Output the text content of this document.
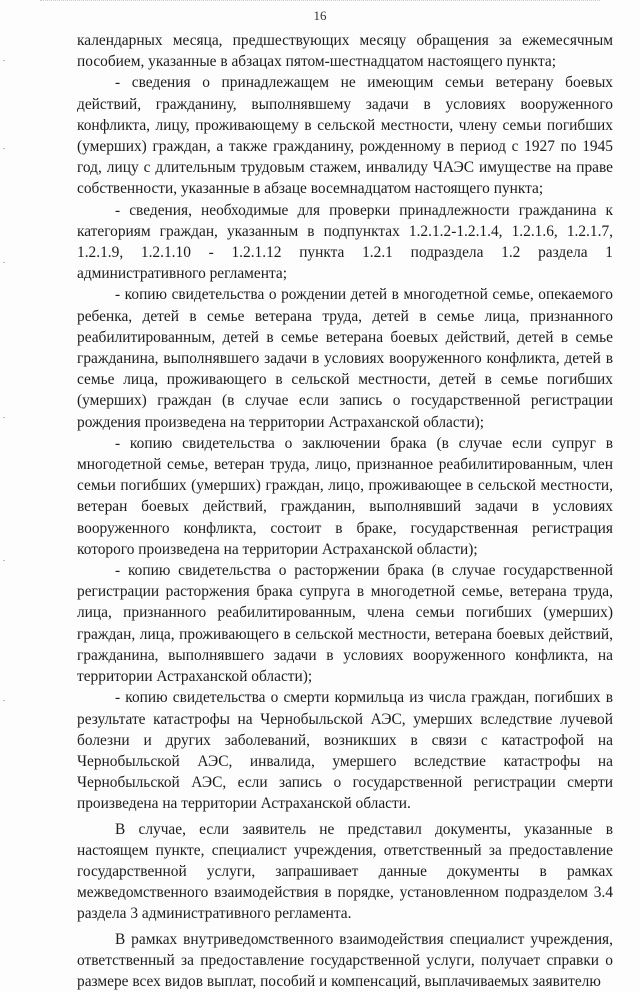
16

календарных месяца, предшествующих месяцу обращения за ежемесячным пособием, указанные в абзацах пятом-шестнадцатом настоящего пункта;

- сведения о принадлежащем не имеющим семьи ветерану боевых действий, гражданину, выполнявшему задачи в условиях вооруженного конфликта, лицу, проживающему в сельской местности, члену семьи погибших (умерших) граждан, а также гражданину, рожденному в период с 1927 по 1945 год, лицу с длительным трудовым стажем, инвалиду ЧАЭС имуществе на праве собственности, указанные в абзаце восемнадцатом настоящего пункта;

- сведения, необходимые для проверки принадлежности гражданина к категориям граждан, указанным в подпунктах 1.2.1.2-1.2.1.4, 1.2.1.6, 1.2.1.7, 1.2.1.9, 1.2.1.10 - 1.2.1.12 пункта 1.2.1 подраздела 1.2 раздела 1 административного регламента;

- копию свидетельства о рождении детей в многодетной семье, опекаемого ребенка, детей в семье ветерана труда, детей в семье лица, признанного реабилитированным, детей в семье ветерана боевых действий, детей в семье гражданина, выполнявшего задачи в условиях вооруженного конфликта, детей в семье лица, проживающего в сельской местности, детей в семье погибших (умерших) граждан (в случае если запись о государственной регистрации рождения произведена на территории Астраханской области);

- копию свидетельства о заключении брака (в случае если супруг в многодетной семье, ветеран труда, лицо, признанное реабилитированным, член семьи погибших (умерших) граждан, лицо, проживающее в сельской местности, ветеран боевых действий, гражданин, выполнявший задачи в условиях вооруженного конфликта, состоит в браке, государственная регистрация которого произведена на территории Астраханской области);

- копию свидетельства о расторжении брака (в случае государственной регистрации расторжения брака супруга в многодетной семье, ветерана труда, лица, признанного реабилитированным, члена семьи погибших (умерших) граждан, лица, проживающего в сельской местности, ветерана боевых действий, гражданина, выполнявшего задачи в условиях вооруженного конфликта, на территории Астраханской области);

- копию свидетельства о смерти кормильца из числа граждан, погибших в результате катастрофы на Чернобыльской АЭС, умерших вследствие лучевой болезни и других заболеваний, возникших в связи с катастрофой на Чернобыльской АЭС, инвалида, умершего вследствие катастрофы на Чернобыльской АЭС, если запись о государственной регистрации смерти произведена на территории Астраханской области.

В случае, если заявитель не представил документы, указанные в настоящем пункте, специалист учреждения, ответственный за предоставление государственной услуги, запрашивает данные документы в рамках межведомственного взаимодействия в порядке, установленном подразделом 3.4 раздела 3 административного регламента.

В рамках внутриведомственного взаимодействия специалист учреждения, ответственный за предоставление государственной услуги, получает справки о размере всех видов выплат, пособий и компенсаций, выплачиваемых заявителю
